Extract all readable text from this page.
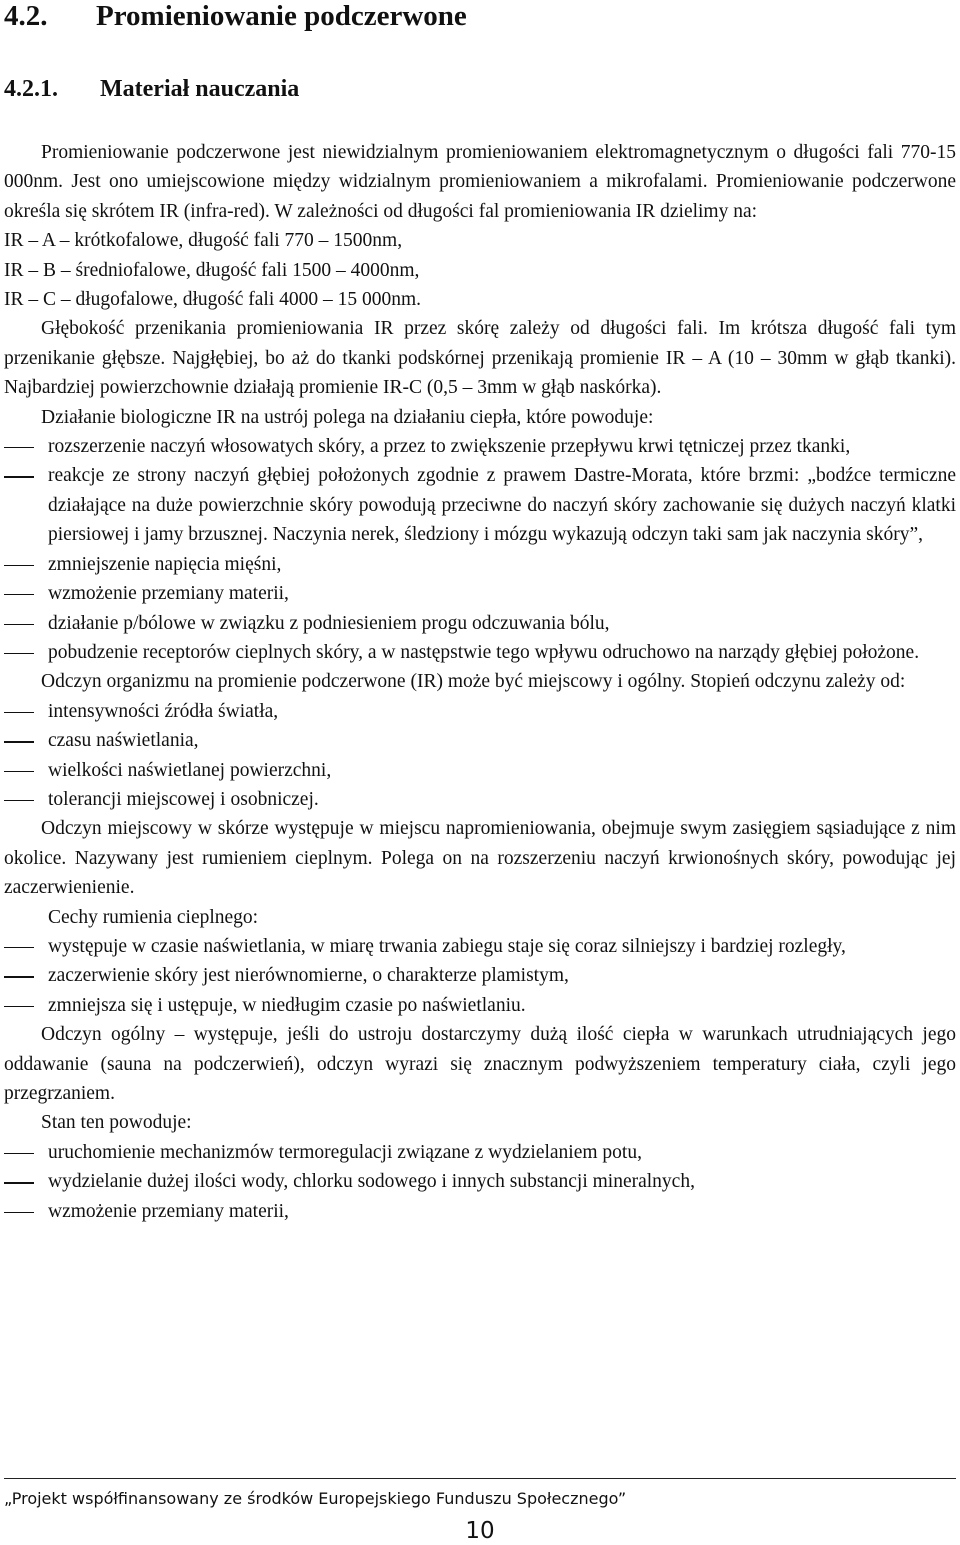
4.2. Promieniowanie podczerwone
4.2.1. Materiał nauczania

Promieniowanie podczerwone jest niewidzialnym promieniowaniem elektromagnetycznym o długości fali 770-15 000nm. Jest ono umiejscowione między widzialnym promieniowaniem a mikrofalami. Promieniowanie podczerwone określa się skrótem IR (infra-red). W zależności od długości fal promieniowania IR dzielimy na:

IR – A – krótkofalowe, długość fali 770 – 1500nm,

IR – B – średniofalowe, długość fali 1500 – 4000nm,

IR – C – długofalowe, długość fali 4000 – 15 000nm.

Głębokość przenikania promieniowania IR przez skórę zależy od długości fali. Im krótsza długość fali tym przenikanie głębsze. Najgłębiej, bo aż do tkanki podskórnej przenikają promienie IR – A (10 – 30mm w głąb tkanki). Najbardziej powierzchownie działają promienie IR-C (0,5 – 3mm w głąb naskórka).

Działanie biologiczne IR na ustrój polega na działaniu ciepła, które powoduje:

rozszerzenie naczyń włosowatych skóry, a przez to zwiększenie przepływu krwi tętniczej przez tkanki,
reakcje ze strony naczyń głębiej położonych zgodnie z prawem Dastre-Morata, które brzmi: „bodźce termiczne działające na duże powierzchnie skóry powodują przeciwne do naczyń skóry zachowanie się dużych naczyń klatki piersiowej i jamy brzusznej. Naczynia nerek, śledziony i mózgu wykazują odczyn taki sam jak naczynia skóry”,
zmniejszenie napięcia mięśni,
wzmożenie przemiany materii,
działanie p/bólowe w związku z podniesieniem progu odczuwania bólu,
pobudzenie receptorów cieplnych skóry, a w następstwie tego wpływu odruchowo na narządy głębiej położone.

Odczyn organizmu na promienie podczerwone (IR) może być miejscowy i ogólny. Stopień odczynu zależy od:

intensywności źródła światła,
czasu naświetlania,
wielkości naświetlanej powierzchni,
tolerancji miejscowej i osobniczej.

Odczyn miejscowy w skórze występuje w miejscu napromieniowania, obejmuje swym zasięgiem sąsiadujące z nim okolice. Nazywany jest rumieniem cieplnym. Polega on na rozszerzeniu naczyń krwionośnych skóry, powodując jej zaczerwienienie.

Cechy rumienia cieplnego:

występuje w czasie naświetlania, w miarę trwania zabiegu staje się coraz silniejszy i bardziej rozległy,
zaczerwienie skóry jest nierównomierne, o charakterze plamistym,
zmniejsza się i ustępuje, w niedługim czasie po naświetlaniu.

Odczyn ogólny – występuje, jeśli do ustroju dostarczymy dużą ilość ciepła w warunkach utrudniających jego oddawanie (sauna na podczerwień), odczyn wyrazi się znacznym podwyższeniem temperatury ciała, czyli jego przegrzaniem.

Stan ten powoduje:

uruchomienie mechanizmów termoregulacji związane z wydzielaniem potu,
wydzielanie dużej ilości wody, chlorku sodowego i innych substancji mineralnych,
wzmożenie przemiany materii,
„Projekt współfinansowany ze środków Europejskiego Funduszu Społecznego”
10
